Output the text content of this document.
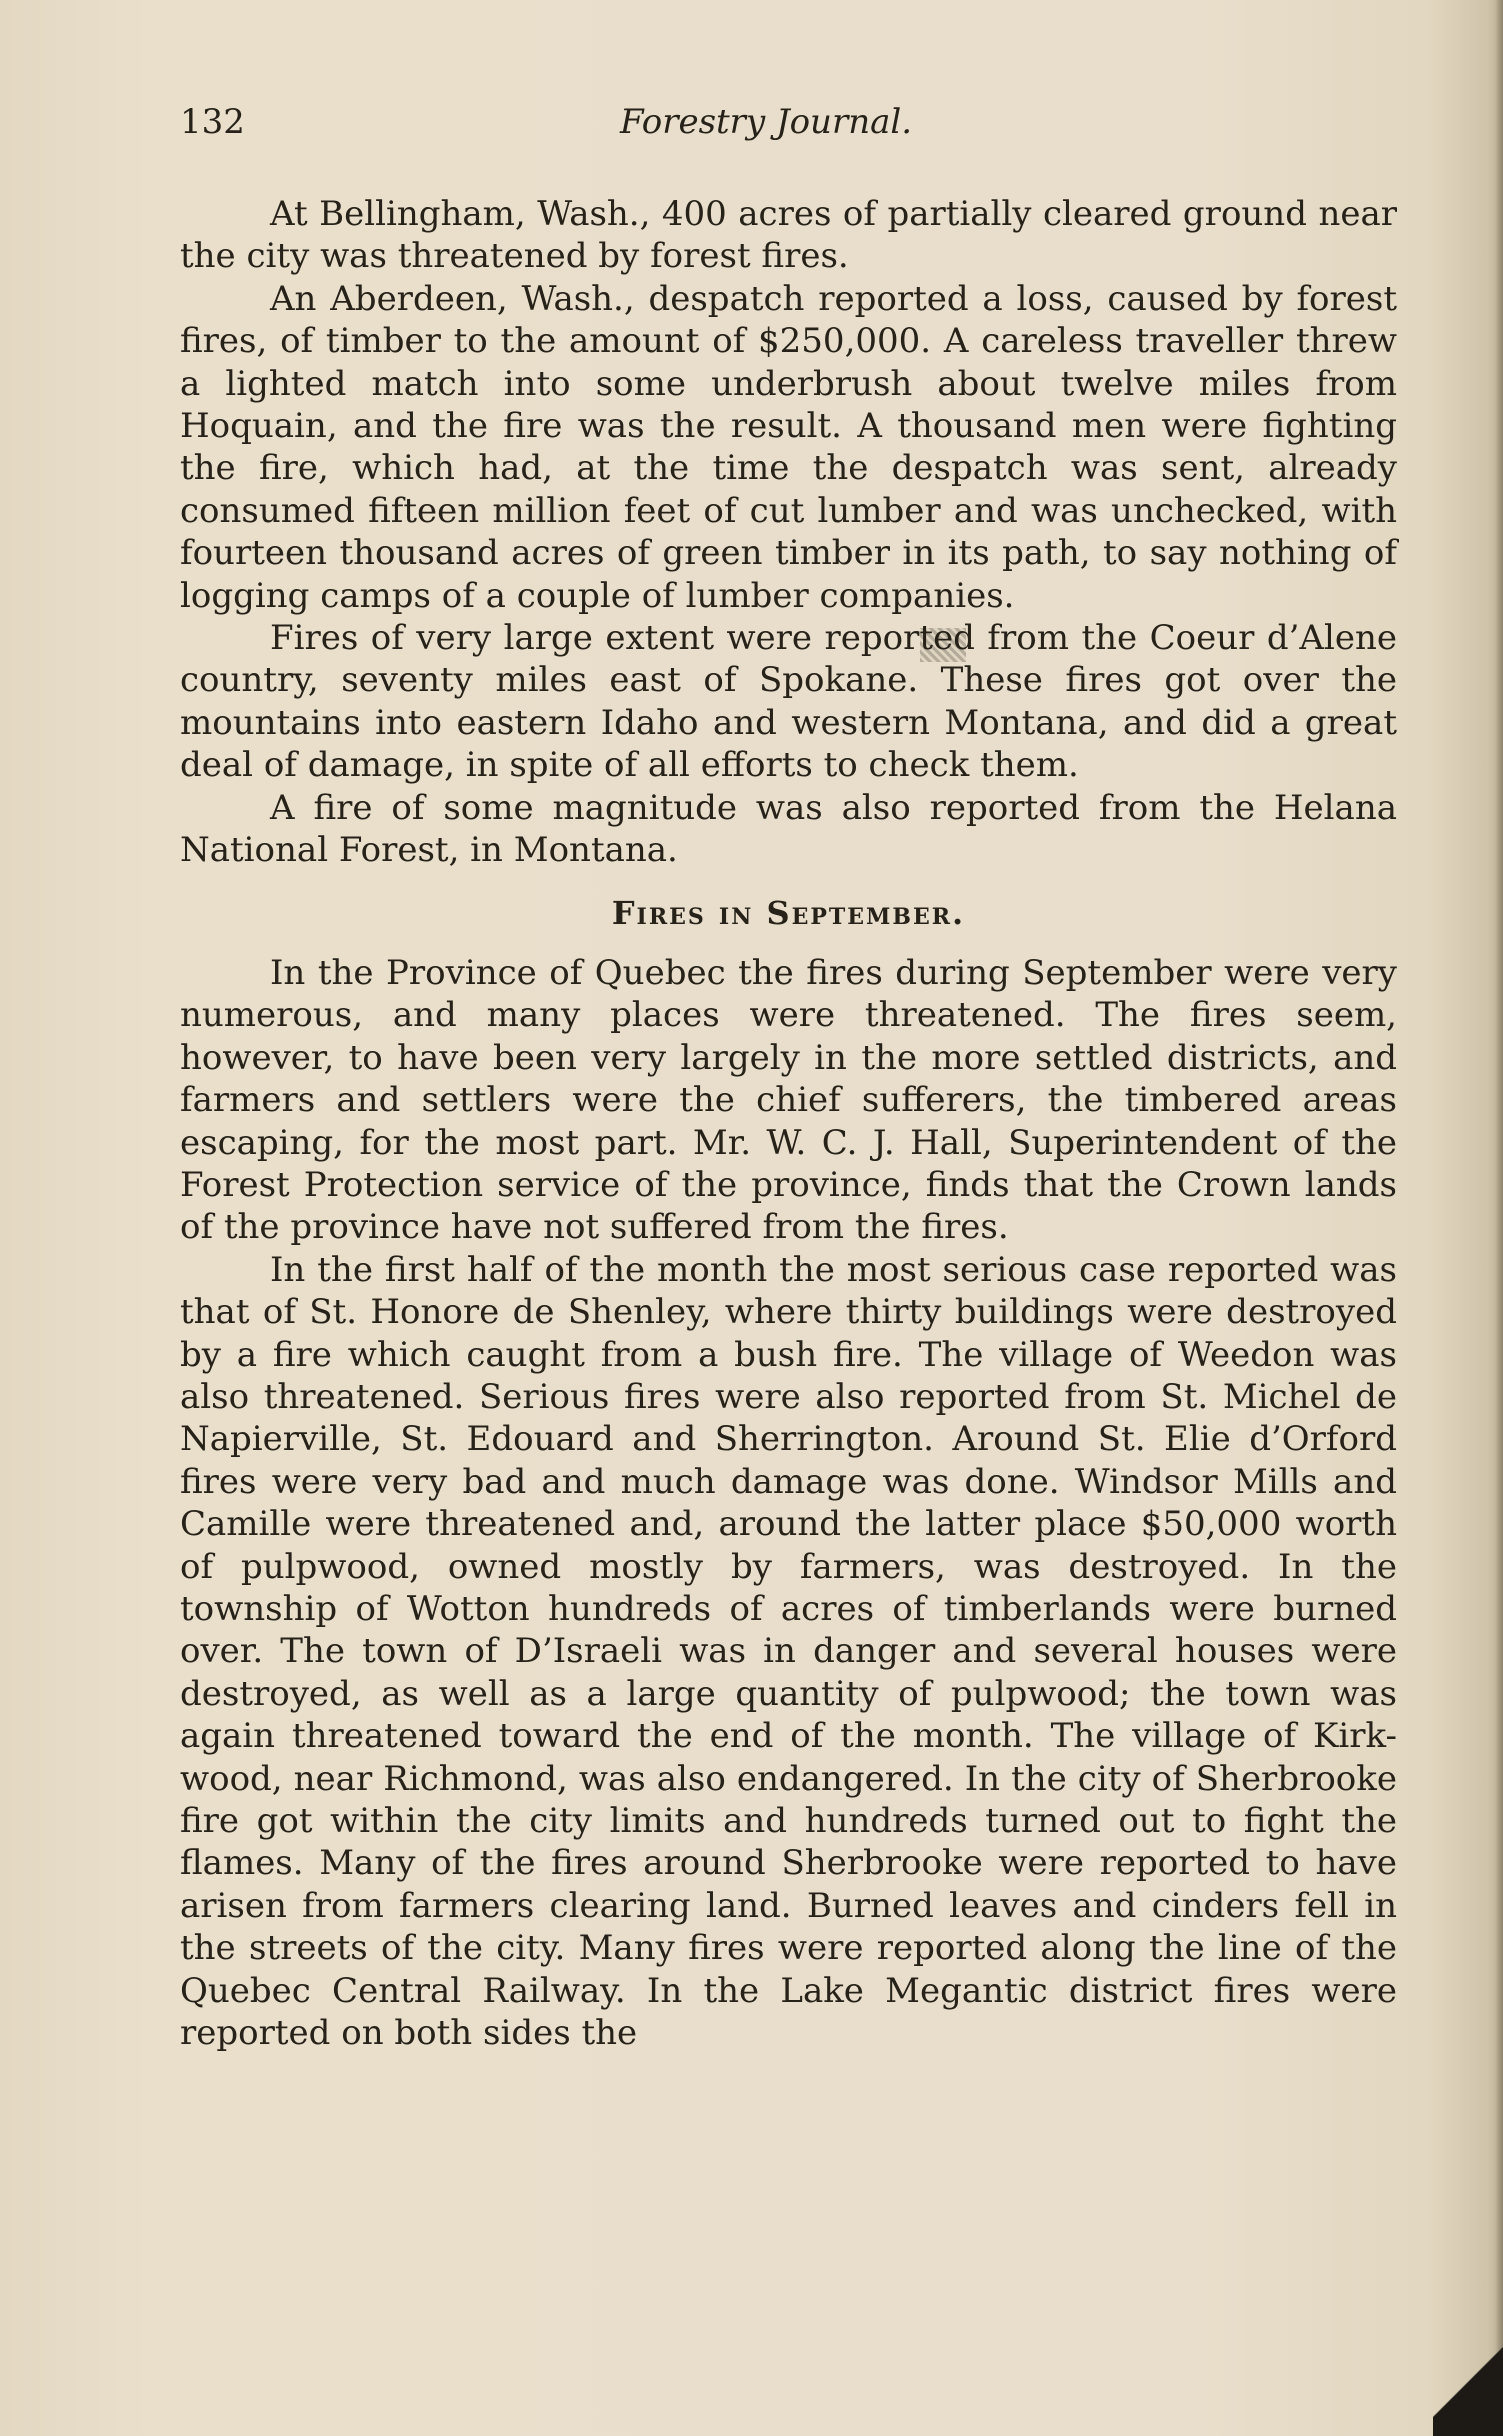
132	Forestry Journal.

At Bellingham, Wash., 400 acres of partially cleared ground near the city was threatened by forest fires.

An Aberdeen, Wash., despatch reported a loss, caused by forest fires, of timber to the amount of $250,000. A careless traveller threw a lighted match into some underbrush about twelve miles from Hoquain, and the fire was the result. A thousand men were fighting the fire, which had, at the time the despatch was sent, already consumed fifteen million feet of cut lumber and was unchecked, with fourteen thousand acres of green timber in its path, to say nothing of logging camps of a couple of lumber companies.

Fires of very large extent were reported from the Coeur d’Alene country, seventy miles east of Spokane. These fires got over the mountains into eastern Idaho and western Montana, and did a great deal of damage, in spite of all efforts to check them.

A fire of some magnitude was also reported from the Helana National Forest, in Montana.

Fires in September.

In the Province of Quebec the fires during September were very numerous, and many places were threatened. The fires seem, however, to have been very largely in the more settled districts, and farmers and settlers were the chief sufferers, the timbered areas escaping, for the most part. Mr. W. C. J. Hall, Superintendent of the Forest Protection service of the province, finds that the Crown lands of the province have not suffered from the fires.

In the first half of the month the most serious case reported was that of St. Honore de Shenley, where thirty buildings were destroyed by a fire which caught from a bush fire. The village of Weedon was also threatened. Serious fires were also reported from St. Michel de Napierville, St. Edouard and Sherrington. Around St. Elie d’Orford fires were very bad and much damage was done. Windsor Mills and Camille were threatened and, around the latter place $50,000 worth of pulpwood, owned mostly by farmers, was destroyed. In the township of Wotton hundreds of acres of timberlands were burned over. The town of D’Israeli was in danger and several houses were destroyed, as well as a large quantity of pulpwood; the town was again threatened toward the end of the month. The village of Kirk-wood, near Richmond, was also endangered. In the city of Sherbrooke fire got within the city limits and hundreds turned out to fight the flames. Many of the fires around Sherbrooke were reported to have arisen from farmers clearing land. Burned leaves and cinders fell in the streets of the city. Many fires were reported along the line of the Quebec Central Railway. In the Lake Megantic district fires were reported on both sides the
